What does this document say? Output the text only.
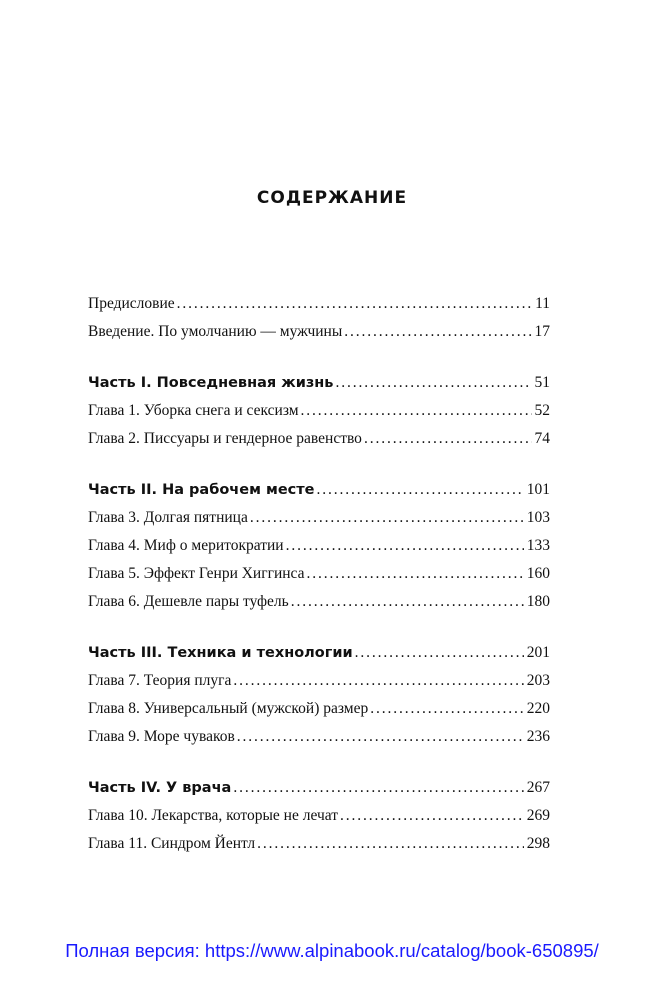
СОДЕРЖАНИЕ
Предисловие . . .	11
Введение. По умолчанию — мужчины . . .	17
Часть I. Повседневная жизнь . . .	51
Глава 1. Уборка снега и сексизм . . .	52
Глава 2. Писсуары и гендерное равенство . . .	74
Часть II. На рабочем месте . . .	101
Глава 3. Долгая пятница . . .	103
Глава 4. Миф о меритократии . . .	133
Глава 5. Эффект Генри Хиггинса . . .	160
Глава 6. Дешевле пары туфель . . .	180
Часть III. Техника и технологии . . .	201
Глава 7. Теория плуга . . .	203
Глава 8. Универсальный (мужской) размер . . .	220
Глава 9. Море чуваков . . .	236
Часть IV. У врача . . .	267
Глава 10. Лекарства, которые не лечат . . .	269
Глава 11. Синдром Йентл . . .	298
Полная версия: https://www.alpinabook.ru/catalog/book-650895/
